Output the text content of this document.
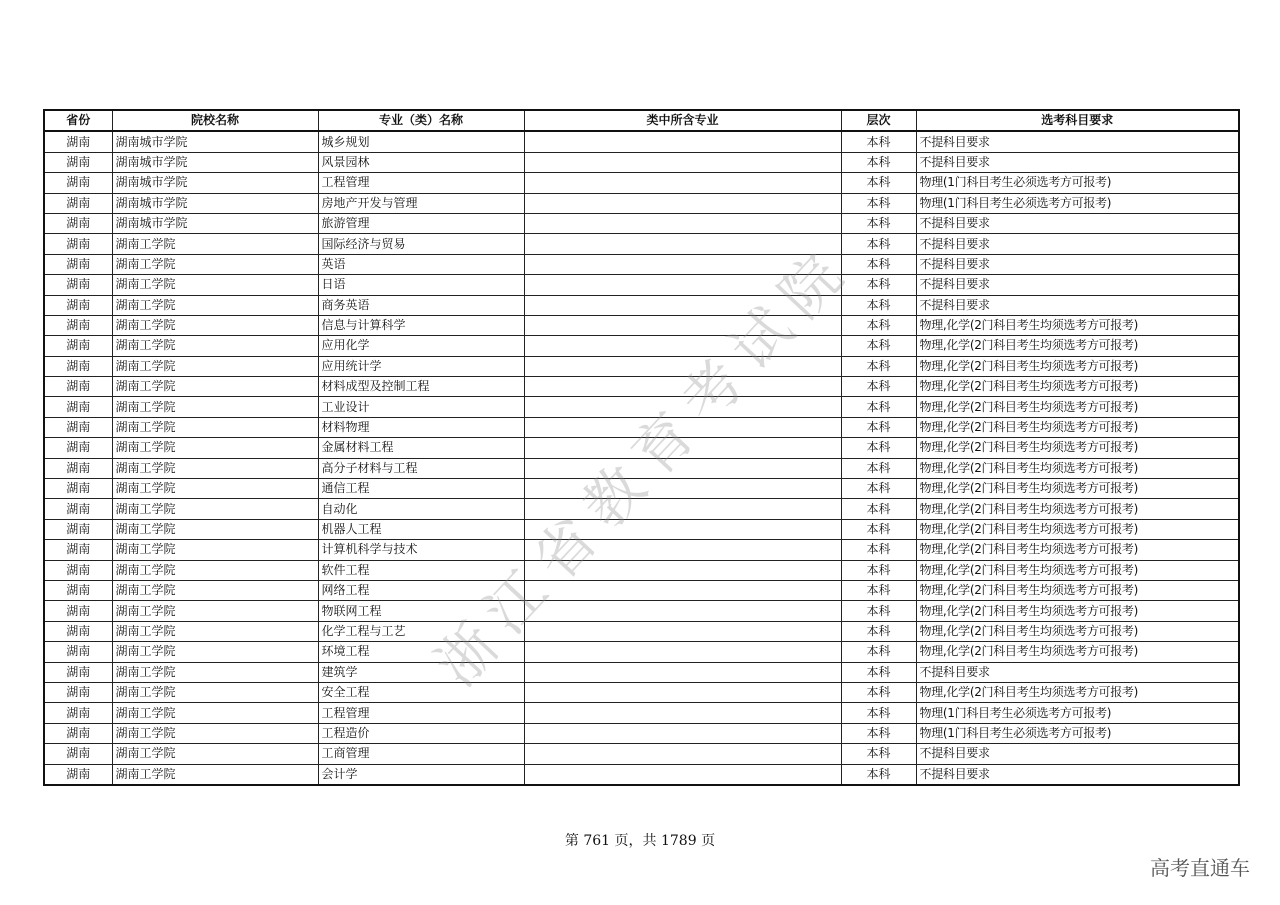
省份	院校名称	专业（类）名称	类中所含专业	层次	选考科目要求
湖南	湖南城市学院	城乡规划		本科	不提科目要求
湖南	湖南城市学院	风景园林		本科	不提科目要求
湖南	湖南城市学院	工程管理		本科	物理(1门科目考生必须选考方可报考)
湖南	湖南城市学院	房地产开发与管理		本科	物理(1门科目考生必须选考方可报考)
湖南	湖南城市学院	旅游管理		本科	不提科目要求
湖南	湖南工学院	国际经济与贸易		本科	不提科目要求
湖南	湖南工学院	英语		本科	不提科目要求
湖南	湖南工学院	日语		本科	不提科目要求
湖南	湖南工学院	商务英语		本科	不提科目要求
湖南	湖南工学院	信息与计算科学		本科	物理,化学(2门科目考生均须选考方可报考)
湖南	湖南工学院	应用化学		本科	物理,化学(2门科目考生均须选考方可报考)
湖南	湖南工学院	应用统计学		本科	物理,化学(2门科目考生均须选考方可报考)
湖南	湖南工学院	材料成型及控制工程		本科	物理,化学(2门科目考生均须选考方可报考)
湖南	湖南工学院	工业设计		本科	物理,化学(2门科目考生均须选考方可报考)
湖南	湖南工学院	材料物理		本科	物理,化学(2门科目考生均须选考方可报考)
湖南	湖南工学院	金属材料工程		本科	物理,化学(2门科目考生均须选考方可报考)
湖南	湖南工学院	高分子材料与工程		本科	物理,化学(2门科目考生均须选考方可报考)
湖南	湖南工学院	通信工程		本科	物理,化学(2门科目考生均须选考方可报考)
湖南	湖南工学院	自动化		本科	物理,化学(2门科目考生均须选考方可报考)
湖南	湖南工学院	机器人工程		本科	物理,化学(2门科目考生均须选考方可报考)
湖南	湖南工学院	计算机科学与技术		本科	物理,化学(2门科目考生均须选考方可报考)
湖南	湖南工学院	软件工程		本科	物理,化学(2门科目考生均须选考方可报考)
湖南	湖南工学院	网络工程		本科	物理,化学(2门科目考生均须选考方可报考)
湖南	湖南工学院	物联网工程		本科	物理,化学(2门科目考生均须选考方可报考)
湖南	湖南工学院	化学工程与工艺		本科	物理,化学(2门科目考生均须选考方可报考)
湖南	湖南工学院	环境工程		本科	物理,化学(2门科目考生均须选考方可报考)
湖南	湖南工学院	建筑学		本科	不提科目要求
湖南	湖南工学院	安全工程		本科	物理,化学(2门科目考生均须选考方可报考)
湖南	湖南工学院	工程管理		本科	物理(1门科目考生必须选考方可报考)
湖南	湖南工学院	工程造价		本科	物理(1门科目考生必须选考方可报考)
湖南	湖南工学院	工商管理		本科	不提科目要求
湖南	湖南工学院	会计学		本科	不提科目要求
浙江省教育考试院
第 761 页，共 1789 页
高考直通车
